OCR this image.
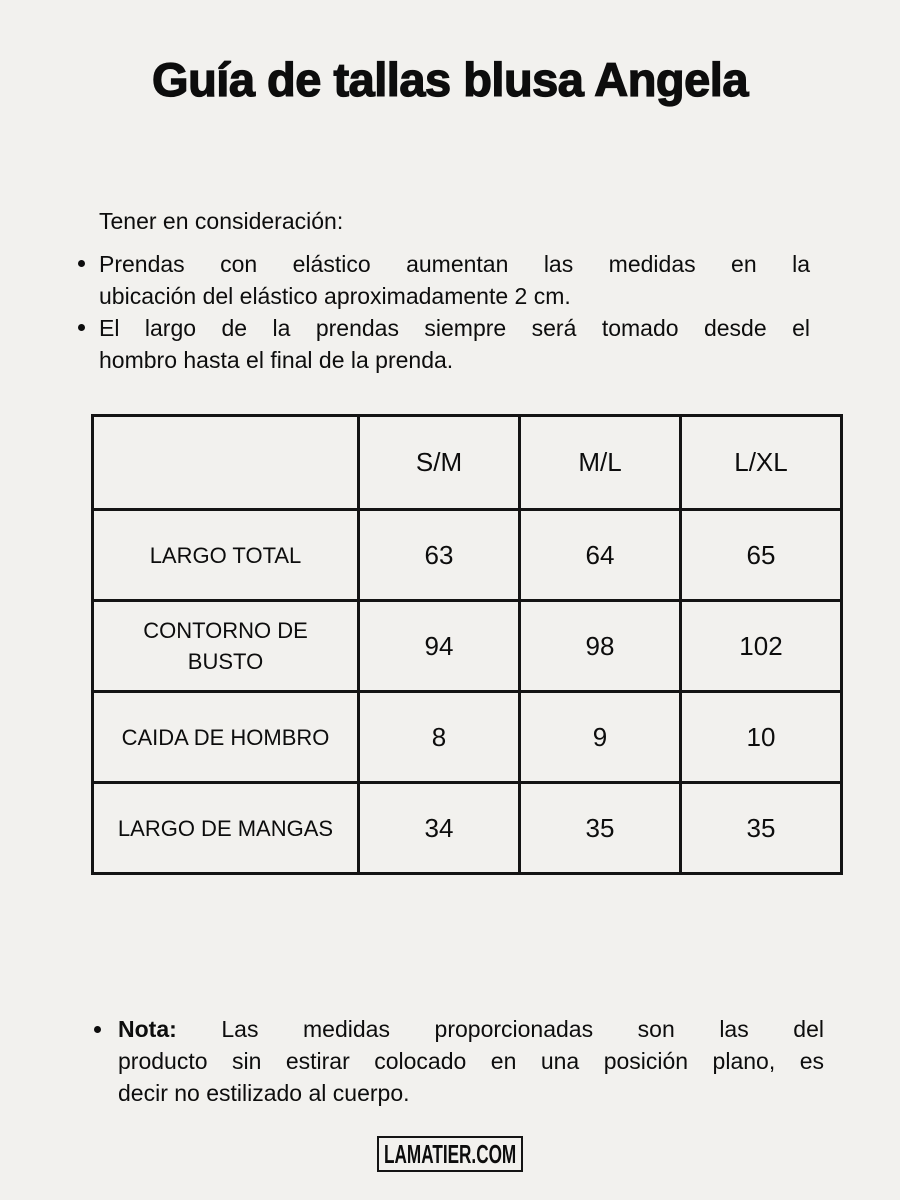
Guía de tallas blusa Angela

Tener en consideración:

Prendas con elástico aumentan las medidas en la
ubicación del elástico aproximadamente 2 cm.
El largo de la prendas siempre será tomado desde el
hombro hasta el final de la prenda.
	S/M	M/L	L/XL
LARGO TOTAL	63	64	65
CONTORNO DE BUSTO	94	98	102
CAIDA DE HOMBRO	8	9	10
LARGO DE MANGAS	34	35	35
Nota: Las medidas proporcionadas son las del
producto sin estirar colocado en una posición plano, es
decir no estilizado al cuerpo.
LAMATIER.COM
